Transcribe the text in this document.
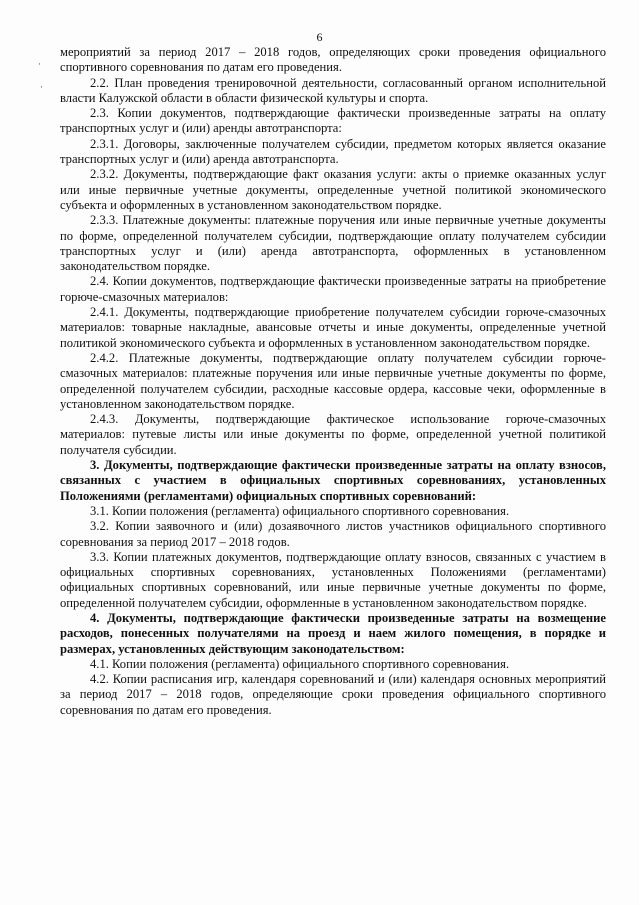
·
·
6

мероприятий за период 2017 – 2018 годов, определяющих сроки проведения официального спортивного соревнования по датам его проведения.

2.2. План проведения тренировочной деятельности, согласованный органом исполнительной власти Калужской области в области физической культуры и спорта.

2.3. Копии документов, подтверждающие фактически произведенные затраты на оплату транспортных услуг и (или) аренды автотранспорта:

2.3.1. Договоры, заключенные получателем субсидии, предметом которых является оказание транспортных услуг и (или) аренда автотранспорта.

2.3.2. Документы, подтверждающие факт оказания услуги: акты о приемке оказанных услуг или иные первичные учетные документы, определенные учетной политикой экономического субъекта и оформленных в установленном законодательством порядке.

2.3.3. Платежные документы: платежные поручения или иные первичные учетные документы по форме, определенной получателем субсидии, подтверждающие оплату получателем субсидии транспортных услуг и (или) аренда автотранспорта, оформленных в установленном законодательством порядке.

2.4. Копии документов, подтверждающие фактически произведенные затраты на приобретение горюче-смазочных материалов:

2.4.1. Документы, подтверждающие приобретение получателем субсидии горюче-смазочных материалов: товарные накладные, авансовые отчеты и иные документы, определенные учетной политикой экономического субъекта и оформленных в установленном законодательством порядке.

2.4.2. Платежные документы, подтверждающие оплату получателем субсидии горюче-смазочных материалов: платежные поручения или иные первичные учетные документы по форме, определенной получателем субсидии, расходные кассовые ордера, кассовые чеки, оформленные в установленном законодательством порядке.

2.4.3. Документы, подтверждающие фактическое использование горюче-смазочных материалов: путевые листы или иные документы по форме, определенной учетной политикой получателя субсидии.

3. Документы, подтверждающие фактически произведенные затраты на оплату взносов, связанных с участием в официальных спортивных соревнованиях, установленных Положениями (регламентами) официальных спортивных соревнований:

3.1. Копии положения (регламента) официального спортивного соревнования.

3.2. Копии заявочного и (или) дозаявочного листов участников официального спортивного соревнования за период 2017 – 2018 годов.

3.3. Копии платежных документов, подтверждающие оплату взносов, связанных с участием в официальных спортивных соревнованиях, установленных Положениями (регламентами) официальных спортивных соревнований, или иные первичные учетные документы по форме, определенной получателем субсидии, оформленные в установленном законодательством порядке.

4. Документы, подтверждающие фактически произведенные затраты на возмещение расходов, понесенных получателями на проезд и наем жилого помещения, в порядке и размерах, установленных действующим законодательством:

4.1. Копии положения (регламента) официального спортивного соревнования.

4.2. Копии расписания игр, календаря соревнований и (или) календаря основных мероприятий за период 2017 – 2018 годов, определяющие сроки проведения официального спортивного соревнования по датам его проведения.
